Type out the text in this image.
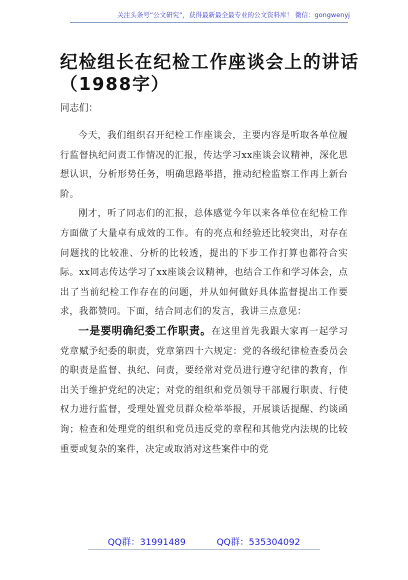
关注头条号“公文研究”，获得最新最全最专业的公文资料库！ 微信：gongwenyj
纪检组长在纪检工作座谈会上的讲话（1988字）
同志们：

今天，我们组织召开纪检工作座谈会，主要内容是听取各单位履行监督执纪问责工作情况的汇报，传达学习xx座谈会议精神，深化思想认识，分析形势任务，明确思路举措，推动纪检监察工作再上新台阶。

刚才，听了同志们的汇报，总体感觉今年以来各单位在纪检工作方面做了大量卓有成效的工作。有的亮点和经验还比较突出，对存在问题找的比较准、分析的比较透，提出的下步工作打算也都符合实际。xx同志传达学习了xx座谈会议精神，也结合工作和学习体会，点出了当前纪检工作存在的问题，并从如何做好具体监督提出工作要求，我都赞同。下面，结合同志们的发言，我讲三点意见：

一是要明确纪委工作职责。在这里首先我跟大家再一起学习党章赋予纪委的职责，党章第四十六规定：党的各级纪律检查委员会的职责是监督、执纪、问责，要经常对党员进行遵守纪律的教育，作出关于维护党纪的决定；对党的组织和党员领导干部履行职责、行使权力进行监督，受理处置党员群众检举举报，开展谈话提醒、约谈函询；检查和处理党的组织和党员违反党的章程和其他党内法规的比较重要或复杂的案件，决定或取消对这些案件中的党

QQ群：31991489	QQ群：535304092
